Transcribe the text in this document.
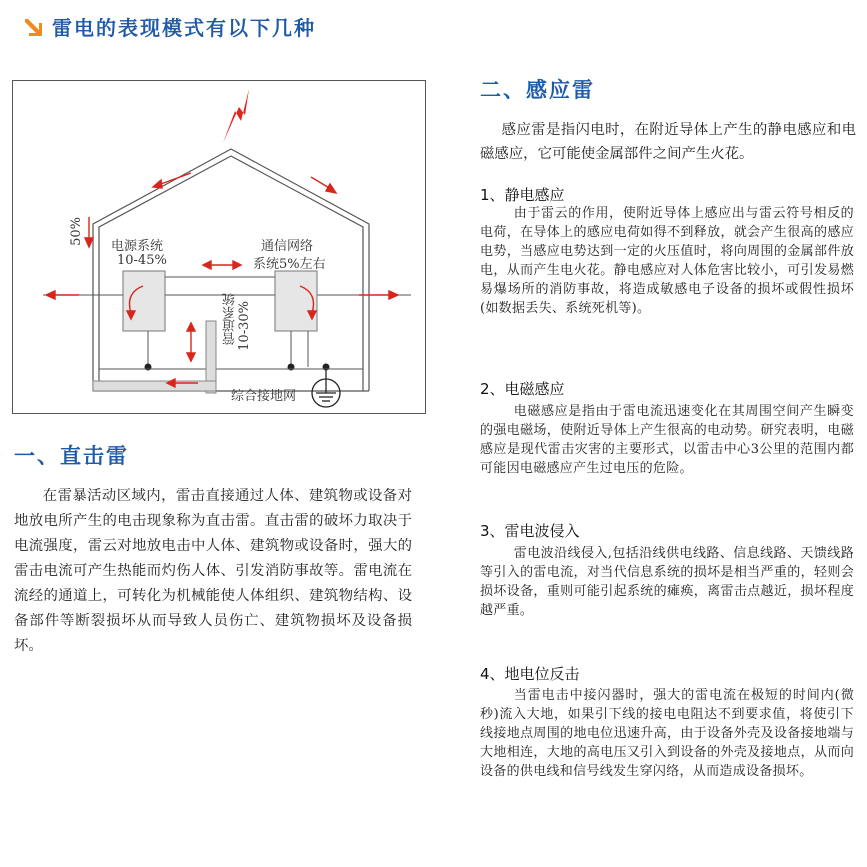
雷电的表现模式有以下几种
电源系统
10-45%
通信网络
系统5%左右
50%
管道系统 10-30%
综合接地网
一、直击雷
在雷暴活动区域内，雷击直接通过人体、建筑物或设备对地放电所产生的电击现象称为直击雷。直击雷的破坏力取决于电流强度，雷云对地放电击中人体、建筑物或设备时，强大的雷击电流可产生热能而灼伤人体、引发消防事故等。雷电流在流经的通道上，可转化为机械能使人体组织、建筑物结构、设备部件等断裂损坏从而导致人员伤亡、建筑物损坏及设备损坏。
二、感应雷
感应雷是指闪电时，在附近导体上产生的静电感应和电磁感应，它可能使金属部件之间产生火花。
1、静电感应
由于雷云的作用，使附近导体上感应出与雷云符号相反的电荷，在导体上的感应电荷如得不到释放，就会产生很高的感应电势，当感应电势达到一定的火压值时，将向周围的金属部件放电，从而产生电火花。静电感应对人体危害比较小，可引发易燃易爆场所的消防事故，将造成敏感电子设备的损坏或假性损坏(如数据丢失、系统死机等)。
2、电磁感应
电磁感应是指由于雷电流迅速变化在其周围空间产生瞬变的强电磁场，使附近导体上产生很高的电动势。研究表明，电磁感应是现代雷击灾害的主要形式，以雷击中心3公里的范围内都可能因电磁感应产生过电压的危险。
3、雷电波侵入
雷电波沿线侵入,包括沿线供电线路、信息线路、天馈线路等引入的雷电流，对当代信息系统的损坏是相当严重的，轻则会损坏设备，重则可能引起系统的瘫痪，离雷击点越近，损坏程度越严重。
4、地电位反击
当雷电击中接闪器时，强大的雷电流在极短的时间内(微秒)流入大地，如果引下线的接电电阻达不到要求值，将使引下线接地点周围的地电位迅速升高，由于设备外壳及设备接地端与大地相连，大地的高电压又引入到设备的外壳及接地点，从而向设备的供电线和信号线发生穿闪络，从而造成设备损坏。
